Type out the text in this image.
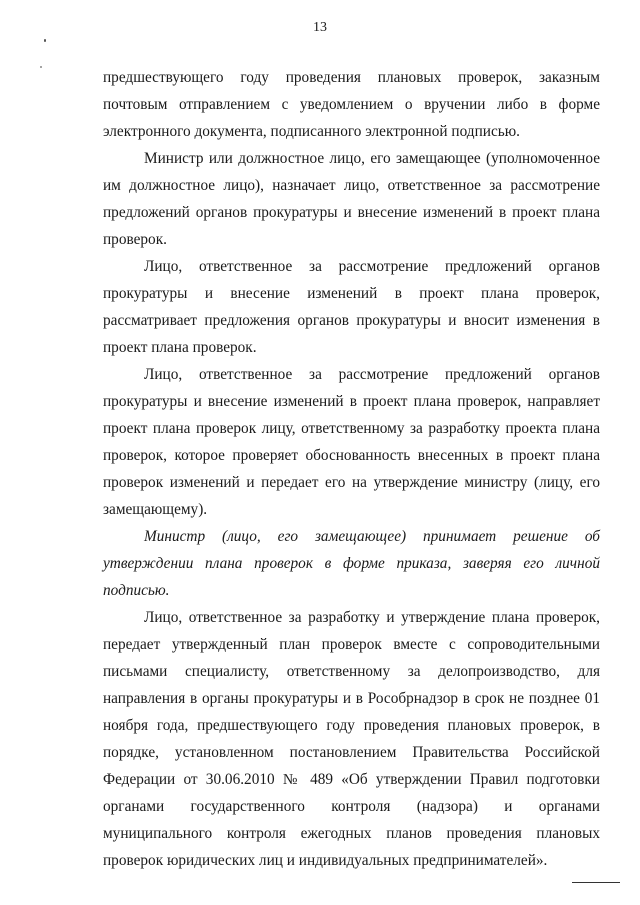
13

предшествующего году проведения плановых проверок, заказным почтовым отправлением с уведомлением о вручении либо в форме электронного документа, подписанного электронной подписью.

Министр или должностное лицо, его замещающее (уполномоченное им должностное лицо), назначает лицо, ответственное за рассмотрение предложений органов прокуратуры и внесение изменений в проект плана проверок.

Лицо, ответственное за рассмотрение предложений органов прокуратуры и внесение изменений в проект плана проверок, рассматривает предложения органов прокуратуры и вносит изменения в проект плана проверок.

Лицо, ответственное за рассмотрение предложений органов прокуратуры и внесение изменений в проект плана проверок, направляет проект плана проверок лицу, ответственному за разработку проекта плана проверок, которое проверяет обоснованность внесенных в проект плана проверок изменений и передает его на утверждение министру (лицу, его замещающему).

Министр (лицо, его замещающее) принимает решение об утверждении плана проверок в форме приказа, заверяя его личной подписью.

Лицо, ответственное за разработку и утверждение плана проверок, передает утвержденный план проверок вместе с сопроводительными письмами специалисту, ответственному за делопроизводство, для направления в органы прокуратуры и в Рособрнадзор в срок не позднее 01 ноября года, предшествующего году проведения плановых проверок, в порядке, установленном постановлением Правительства Российской Федерации от 30.06.2010 № 489 «Об утверждении Правил подготовки органами государственного контроля (надзора) и органами муниципального контроля ежегодных планов проведения плановых проверок юридических лиц и индивидуальных предпринимателей».
